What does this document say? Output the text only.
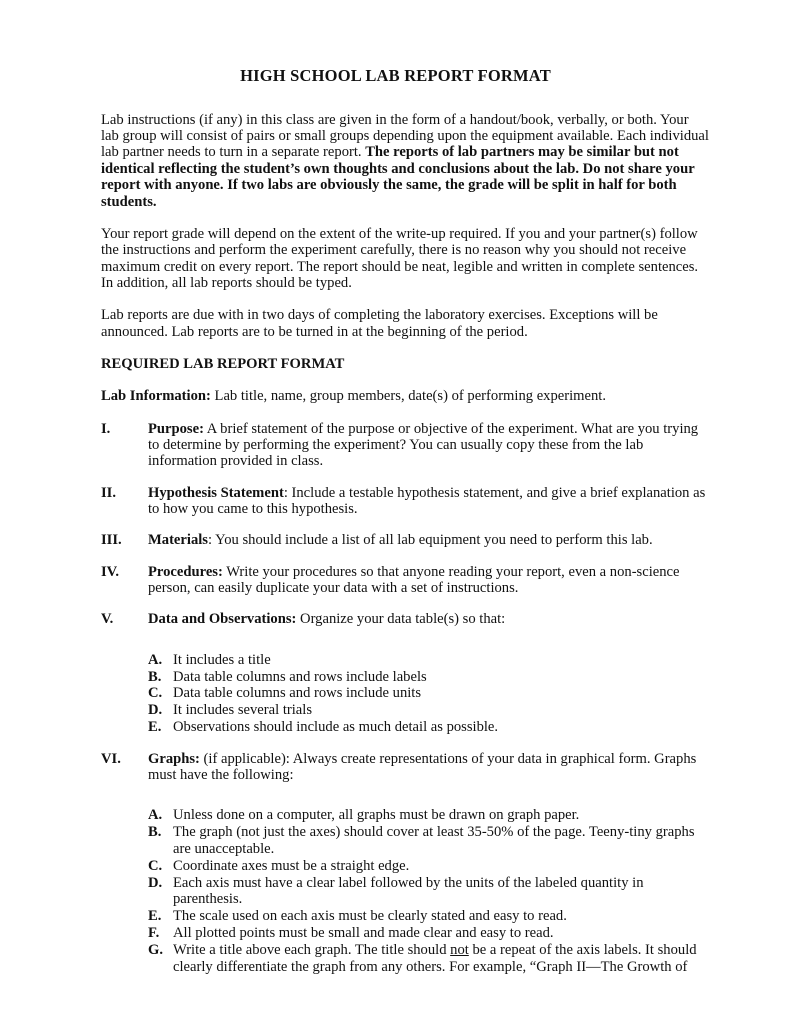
HIGH SCHOOL LAB REPORT FORMAT

Lab instructions (if any) in this class are given in the form of a handout/book, verbally, or both. Your lab group will consist of pairs or small groups depending upon the equipment available. Each individual lab partner needs to turn in a separate report. The reports of lab partners may be similar but not identical reflecting the student’s own thoughts and conclusions about the lab. Do not share your report with anyone. If two labs are obviously the same, the grade will be split in half for both students.

Your report grade will depend on the extent of the write-up required. If you and your partner(s) follow the instructions and perform the experiment carefully, there is no reason why you should not receive maximum credit on every report. The report should be neat, legible and written in complete sentences. In addition, all lab reports should be typed.

Lab reports are due with in two days of completing the laboratory exercises. Exceptions will be announced. Lab reports are to be turned in at the beginning of the period.

REQUIRED LAB REPORT FORMAT
Lab Information: Lab title, name, group members, date(s) of performing experiment.
I.	Purpose: A brief statement of the purpose or objective of the experiment. What are you trying to determine by performing the experiment? You can usually copy these from the lab information provided in class.
II.	Hypothesis Statement: Include a testable hypothesis statement, and give a brief explanation as to how you came to this hypothesis.
III.	Materials: You should include a list of all lab equipment you need to perform this lab.
IV.	Procedures: Write your procedures so that anyone reading your report, even a non-science person, can easily duplicate your data with a set of instructions.
V.	Data and Observations: Organize your data table(s) so that:
A. It includes a title
B. Data table columns and rows include labels
C. Data table columns and rows include units
D. It includes several trials
E. Observations should include as much detail as possible.
VI.	Graphs: (if applicable): Always create representations of your data in graphical form. Graphs must have the following:
A. Unless done on a computer, all graphs must be drawn on graph paper.
B. The graph (not just the axes) should cover at least 35-50% of the page. Teeny-tiny graphs are unacceptable.
C. Coordinate axes must be a straight edge.
D. Each axis must have a clear label followed by the units of the labeled quantity in parenthesis.
E. The scale used on each axis must be clearly stated and easy to read.
F. All plotted points must be small and made clear and easy to read.
G. Write a title above each graph. The title should not be a repeat of the axis labels. It should clearly differentiate the graph from any others. For example, “Graph II—The Growth of
